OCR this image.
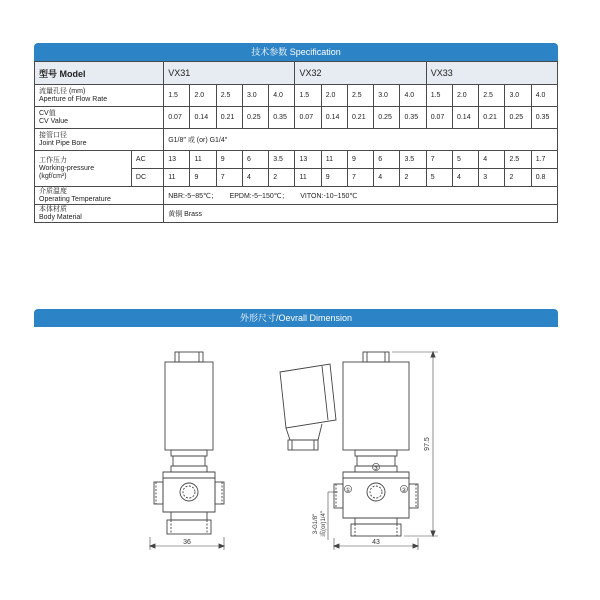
技术参数 Specification
型号 Model		VX31					VX32					VX33				

流量孔径 (mm)
Aperture of Flow Rate		1.5	2.0	2.5	3.0	4.0	1.5	2.0	2.5	3.0	4.0	1.5	2.0	2.5	3.0	4.0

CV值
CV Value		0.07	0.14	0.21	0.25	0.35	0.07	0.14	0.21	0.25	0.35	0.07	0.14	0.21	0.25	0.35

接管口径
Joint Pipe Bore		G1/8″ 或 (or) G1/4″														

工作压力
Working-pressure
(kgf/cm²)	AC	13	11	9	6	3.5	13	11	9	6	3.5	7	5	4	2.5	1.7
	DC	11	9	7	4	2	11	9	7	4	2	5	4	3	2	0.8

介质温度
Operating Temperature		NBR:-5~85℃；      EPDM:-5~150℃；      VITON:-10~150℃														

本体材质
Body Material		黄铜 Brass														
外形尺寸/Oevrall Dimension
36	43
97.5
3-G1/8″ 或(or)1/4″
③
①	②
